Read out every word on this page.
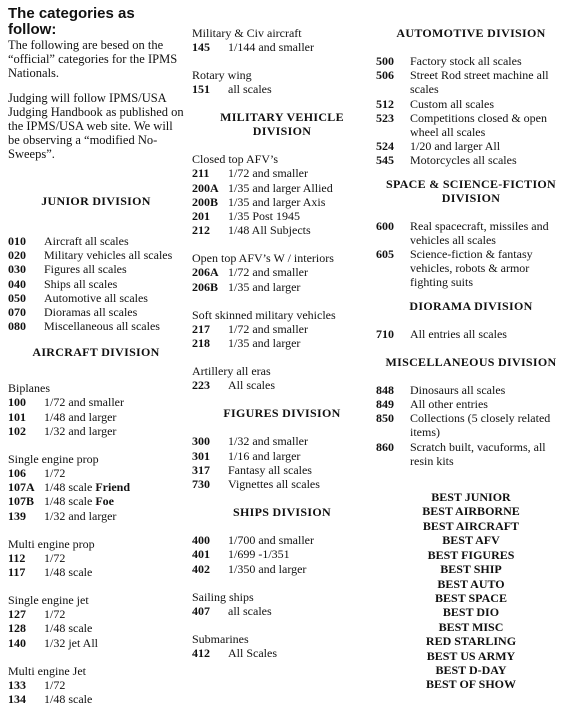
The categories as follow:
The following are besed on the “official” categories for the IPMS Nationals.
Judging will follow IPMS/USA Judging Handbook as published on the IPMS/USA web site. We will be observing a “modified No-Sweeps”.
JUNIOR DIVISION
010	Aircraft all scales
020	Military vehicles all scales
030	Figures all scales
040	Ships all scales
050	Automotive all scales
070	Dioramas all scales
080	Miscellaneous all scales
AIRCRAFT DIVISION
Biplanes
100	1/72 and smaller
101	1/48 and larger
102	1/32 and larger
Single engine prop
106	1/72
107A 1/48 scale Friend
107B 1/48 scale Foe
139	1/32 and larger
Multi engine prop
112	1/72
117	1/48 scale
Single engine jet
127	1/72
128	1/48 scale
140	1/32 jet All
Multi engine Jet
133	1/72
134	1/48 scale
Military & Civ aircraft
145	1/144 and smaller
Rotary wing
151	all scales
MILITARY VEHICLE
DIVISION
Closed top AFV’s
211	1/72 and smaller
200A 1/35 and larger Allied
200B 1/35 and larger Axis
201	1/35 Post 1945
212	1/48 All Subjects
Open top AFV’s W / interiors
206A 1/72 and smaller
206B 1/35 and larger
Soft skinned military vehicles
217	1/72 and smaller
218	1/35 and larger
Artillery all eras
223	All scales
FIGURES DIVISION
300	1/32 and smaller
301	1/16 and larger
317	Fantasy all scales
730	Vignettes all scales
SHIPS DIVISION
400	1/700 and smaller
401	1/699 -1/351
402	1/350 and larger
Sailing ships
407	all scales
Submarines
412	All Scales
AUTOMOTIVE DIVISION
500	Factory stock all scales
506	Street Rod street machine all scales
512	Custom all scales
523	Competitions closed & open wheel all scales
524	1/20 and larger All
545	Motorcycles all scales
SPACE & SCIENCE-FICTION
DIVISION
600	Real spacecraft, missiles and vehicles all scales
605	Science-fiction & fantasy vehicles, robots & armor fighting suits
DIORAMA DIVISION
710	All entries all scales
MISCELLANEOUS DIVISION
848	Dinosaurs all scales
849	All other entries
850	Collections (5 closely related items)
860	Scratch built, vacuforms, all resin kits
BEST JUNIOR
BEST AIRBORNE
BEST AIRCRAFT
BEST AFV
BEST FIGURES
BEST SHIP
BEST AUTO
BEST SPACE
BEST DIO
BEST MISC
RED STARLING
BEST US ARMY
BEST D-DAY
BEST OF SHOW
